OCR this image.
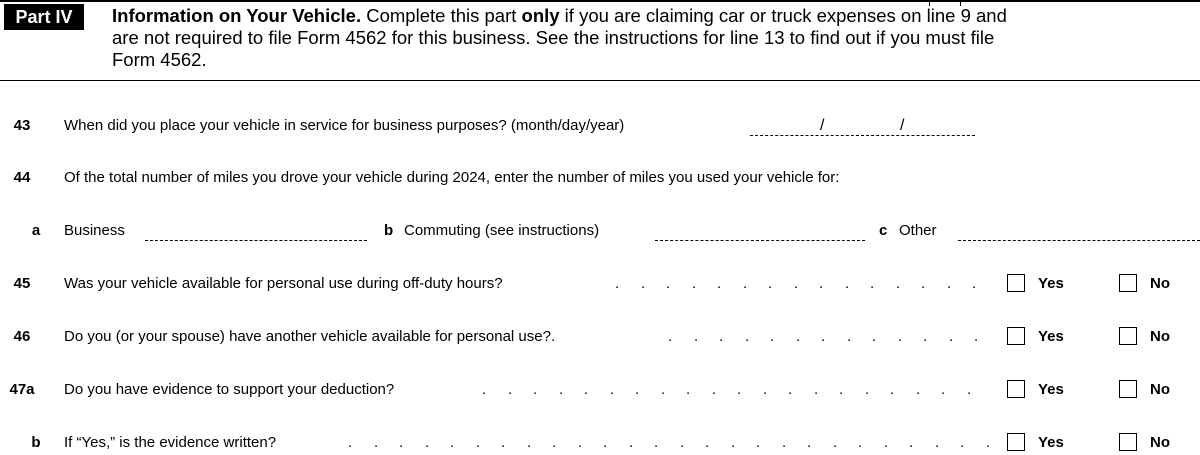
Part IV	Information on Your Vehicle. Complete this part only if you are claiming car or truck expenses on line 9 and
are not required to file Form 4562 for this business. See the instructions for line 13 to find out if you must file
Form 4562.
43	When did you place your vehicle in service for business purposes? (month/day/year)	/	/
44	Of the total number of miles you drove your vehicle during 2024, enter the number of miles you used your vehicle for:
a	Business	b Commuting (see instructions)	c Other
45	Was your vehicle available for personal use during off-duty hours?	. . . . . . . . . . . . . . .	Yes	No
46	Do you (or your spouse) have another vehicle available for personal use?.	. . . . . . . . . . . . .	Yes	No
47a	Do you have evidence to support your deduction?	. . . . . . . . . . . . . . . . . . . .	Yes	No
b	If “Yes,” is the evidence written?	. . . . . . . . . . . . . . . . . . . . . . . . . .	Yes	No
